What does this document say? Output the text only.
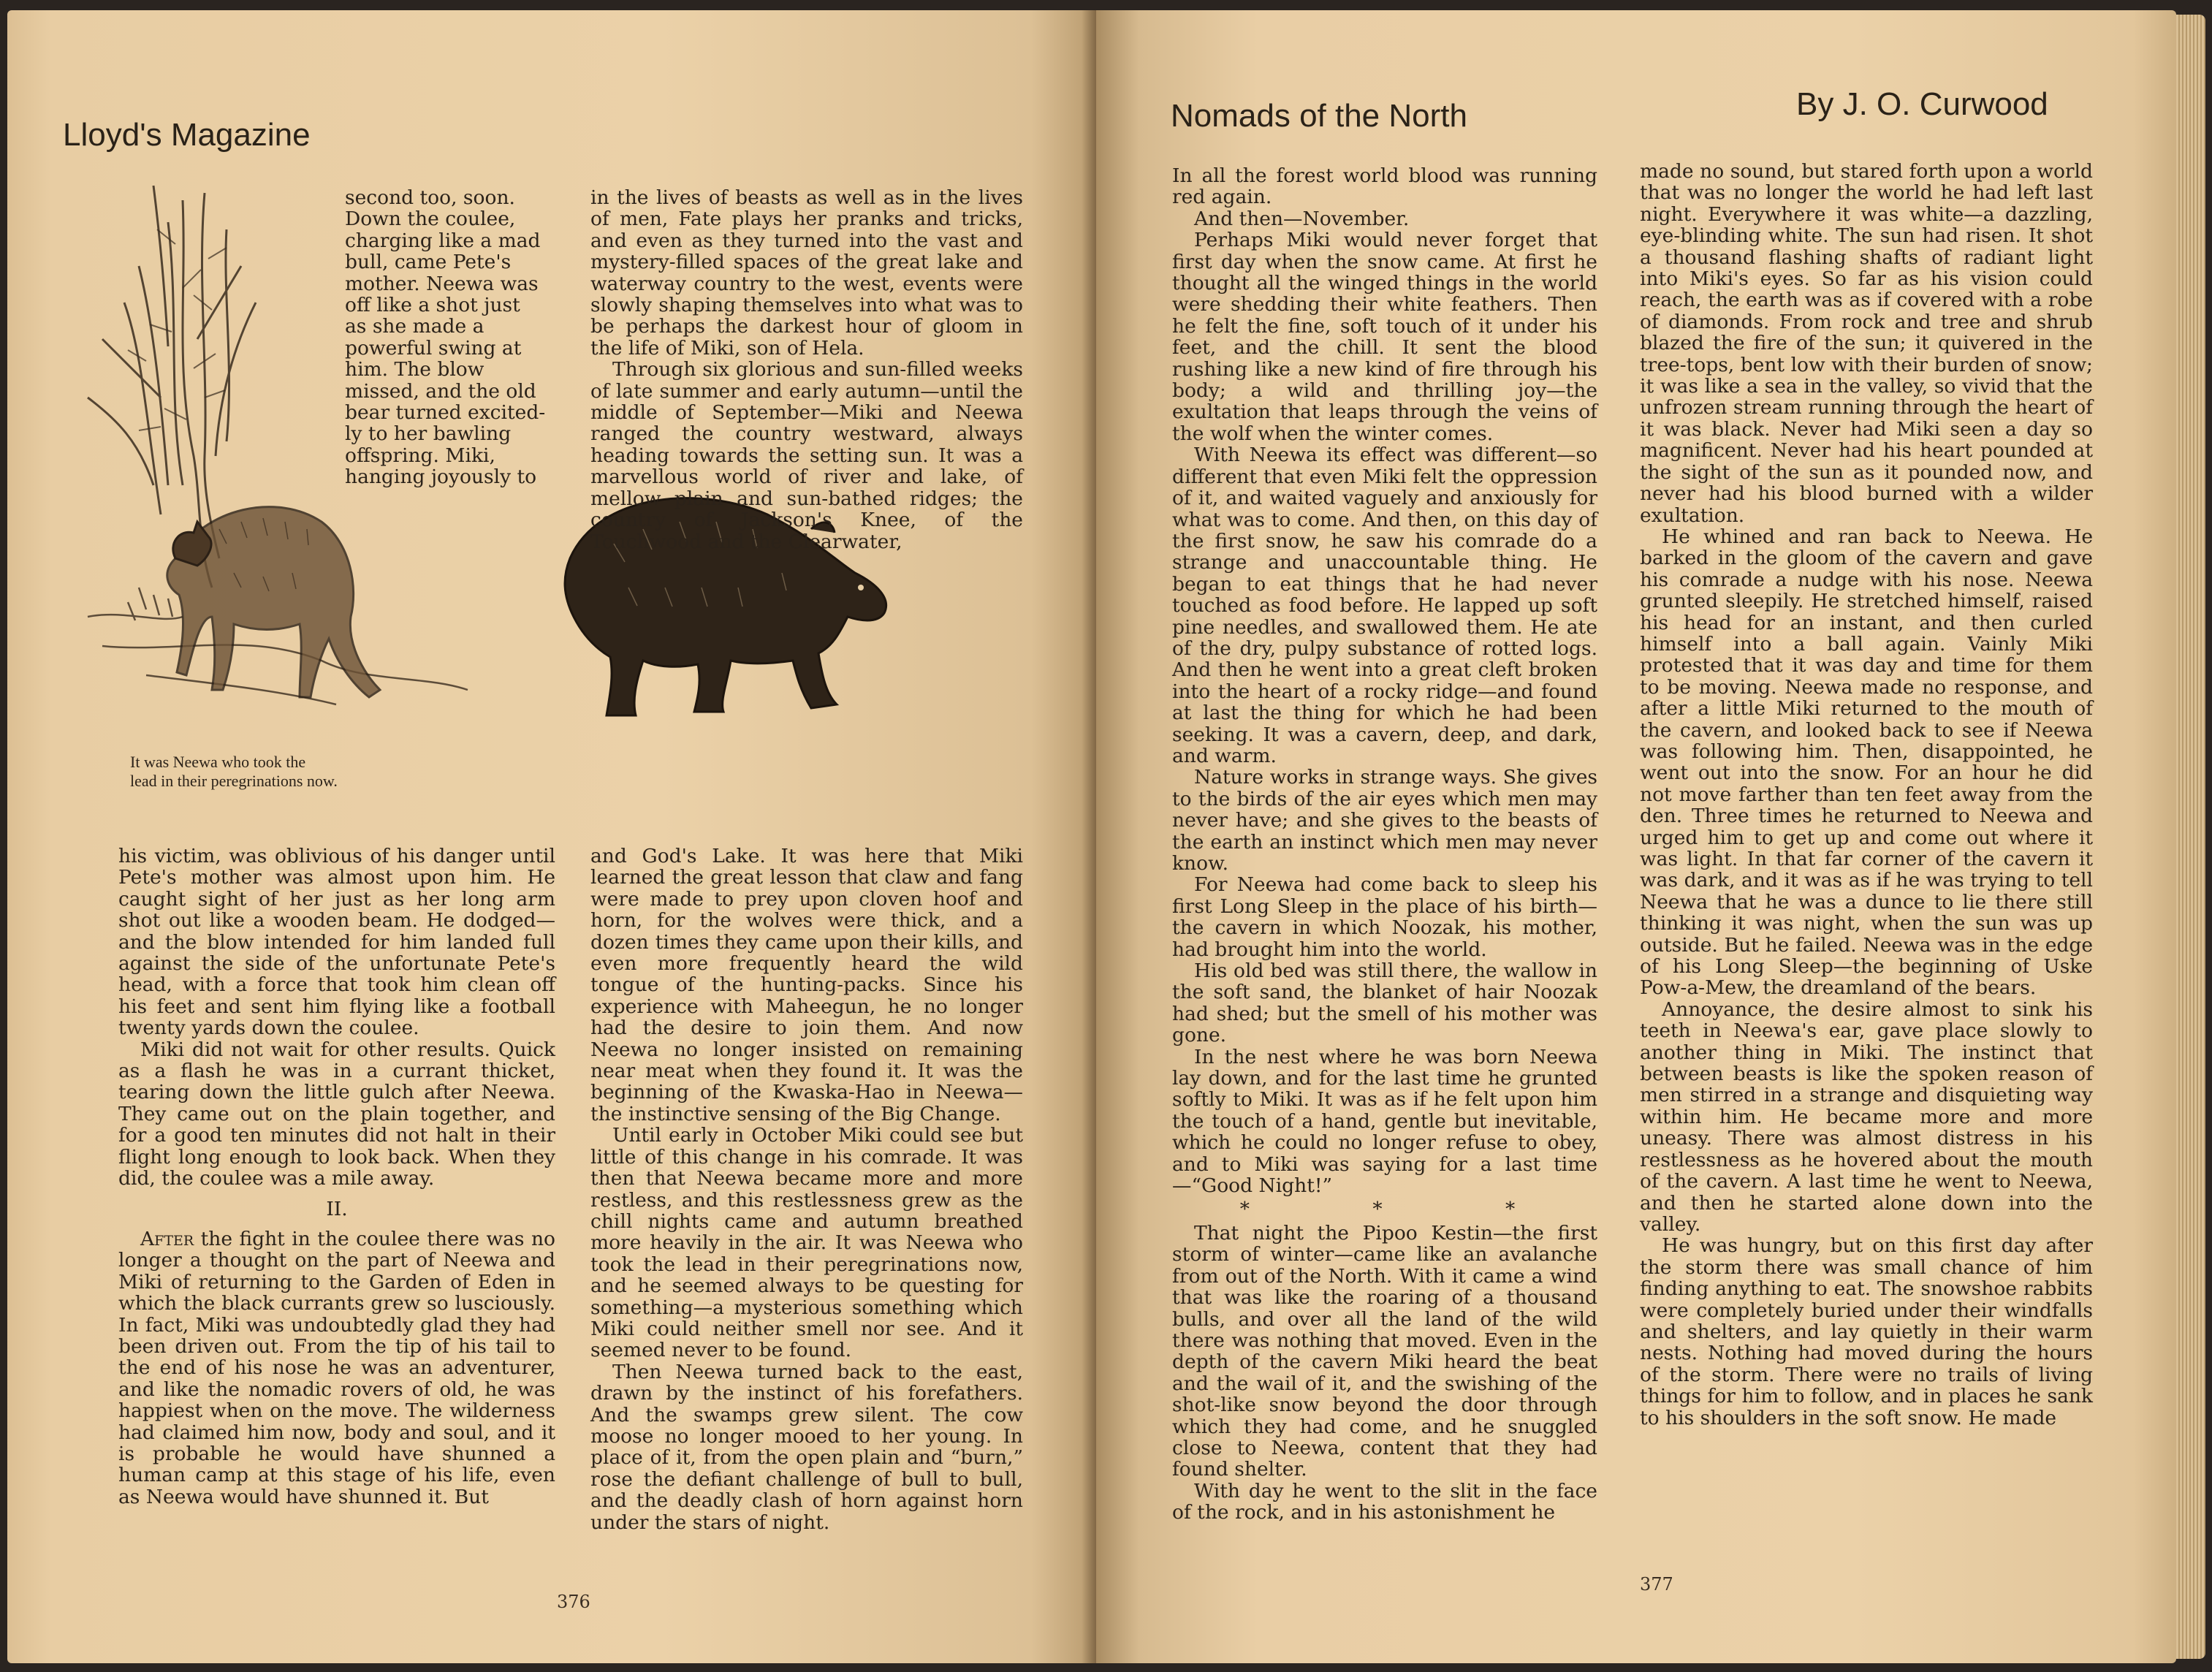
Lloyd's Magazine
It was Neewa who took the
lead in their peregrinations now.
second too, soon.
Down the coulee,
charging like a mad
bull, came Pete's
mother. Neewa was
off like a shot just
as she made a
powerful swing at
him. The blow
missed, and the old
bear turned excited-
ly to her bawling
offspring. Miki,
hanging joyously to

in the lives of beasts as well as in the lives of men, Fate plays her pranks and tricks, and even as they turned into the vast and mystery-filled spaces of the great lake and waterway country to the west, events were slowly shaping themselves into what was to be perhaps the darkest hour of gloom in the life of Miki, son of Hela.

Through six glorious and sun-filled weeks of late summer and early autumn—until the middle of September—Miki and Neewa ranged the country westward, always heading towards the setting sun. It was a marvellous world of river and lake, of mellow plain and sun-bathed ridges; the country of Jackson's Knee, of the Touchwood and the Clearwater,

his victim, was oblivious of his danger until Pete's mother was almost upon him. He caught sight of her just as her long arm shot out like a wooden beam. He dodged—and the blow intended for him landed full against the side of the unfortunate Pete's head, with a force that took him clean off his feet and sent him flying like a football twenty yards down the coulee.

Miki did not wait for other results. Quick as a flash he was in a currant thicket, tearing down the little gulch after Neewa. They came out on the plain together, and for a good ten minutes did not halt in their flight long enough to look back. When they did, the coulee was a mile away.

II.

After the fight in the coulee there was no longer a thought on the part of Neewa and Miki of returning to the Garden of Eden in which the black currants grew so lusciously. In fact, Miki was undoubtedly glad they had been driven out. From the tip of his tail to the end of his nose he was an adventurer, and like the nomadic rovers of old, he was happiest when on the move. The wilderness had claimed him now, body and soul, and it is probable he would have shunned a human camp at this stage of his life, even as Neewa would have shunned it. But

and God's Lake. It was here that Miki learned the great lesson that claw and fang were made to prey upon cloven hoof and horn, for the wolves were thick, and a dozen times they came upon their kills, and even more frequently heard the wild tongue of the hunting-packs. Since his experience with Maheegun, he no longer had the desire to join them. And now Neewa no longer insisted on remaining near meat when they found it. It was the beginning of the Kwaska-Hao in Neewa—the instinctive sensing of the Big Change.

Until early in October Miki could see but little of this change in his comrade. It was then that Neewa became more and more restless, and this restlessness grew as the chill nights came and autumn breathed more heavily in the air. It was Neewa who took the lead in their peregrinations now, and he seemed always to be questing for something—a mysterious something which Miki could neither smell nor see. And it seemed never to be found.

Then Neewa turned back to the east, drawn by the instinct of his forefathers. And the swamps grew silent. The cow moose no longer mooed to her young. In place of it, from the open plain and “burn,” rose the defiant challenge of bull to bull, and the deadly clash of horn against horn under the stars of night.

376
Nomads of the North	By J. O. Curwood

In all the forest world blood was running red again.

And then—November.

Perhaps Miki would never forget that first day when the snow came. At first he thought all the winged things in the world were shedding their white feathers. Then he felt the fine, soft touch of it under his feet, and the chill. It sent the blood rushing like a new kind of fire through his body; a wild and thrilling joy—the exultation that leaps through the veins of the wolf when the winter comes.

With Neewa its effect was different—so different that even Miki felt the oppression of it, and waited vaguely and anxiously for what was to come. And then, on this day of the first snow, he saw his comrade do a strange and unaccountable thing. He began to eat things that he had never touched as food before. He lapped up soft pine needles, and swallowed them. He ate of the dry, pulpy substance of rotted logs. And then he went into a great cleft broken into the heart of a rocky ridge—and found at last the thing for which he had been seeking. It was a cavern, deep, and dark, and warm.

Nature works in strange ways. She gives to the birds of the air eyes which men may never have; and she gives to the beasts of the earth an instinct which men may never know.

For Neewa had come back to sleep his first Long Sleep in the place of his birth—the cavern in which Noozak, his mother, had brought him into the world.

His old bed was still there, the wallow in the soft sand, the blanket of hair Noozak had shed; but the smell of his mother was gone.

In the nest where he was born Neewa lay down, and for the last time he grunted softly to Miki. It was as if he felt upon him the touch of a hand, gentle but inevitable, which he could no longer refuse to obey, and to Miki was saying for a last time—“Good Night!”

* * *

That night the Pipoo Kestin—the first storm of winter—came like an avalanche from out of the North. With it came a wind that was like the roaring of a thousand bulls, and over all the land of the wild there was nothing that moved. Even in the depth of the cavern Miki heard the beat and the wail of it, and the swishing of the shot-like snow beyond the door through which they had come, and he snuggled close to Neewa, content that they had found shelter.

With day he went to the slit in the face of the rock, and in his astonishment he

made no sound, but stared forth upon a world that was no longer the world he had left last night. Everywhere it was white—a dazzling, eye-blinding white. The sun had risen. It shot a thousand flashing shafts of radiant light into Miki's eyes. So far as his vision could reach, the earth was as if covered with a robe of diamonds. From rock and tree and shrub blazed the fire of the sun; it quivered in the tree-tops, bent low with their burden of snow; it was like a sea in the valley, so vivid that the unfrozen stream running through the heart of it was black. Never had Miki seen a day so magnificent. Never had his heart pounded at the sight of the sun as it pounded now, and never had his blood burned with a wilder exultation.

He whined and ran back to Neewa. He barked in the gloom of the cavern and gave his comrade a nudge with his nose. Neewa grunted sleepily. He stretched himself, raised his head for an instant, and then curled himself into a ball again. Vainly Miki protested that it was day and time for them to be moving. Neewa made no response, and after a little Miki returned to the mouth of the cavern, and looked back to see if Neewa was following him. Then, disappointed, he went out into the snow. For an hour he did not move farther than ten feet away from the den. Three times he returned to Neewa and urged him to get up and come out where it was light. In that far corner of the cavern it was dark, and it was as if he was trying to tell Neewa that he was a dunce to lie there still thinking it was night, when the sun was up outside. But he failed. Neewa was in the edge of his Long Sleep—the beginning of Uske Pow-a-Mew, the dreamland of the bears.

Annoyance, the desire almost to sink his teeth in Neewa's ear, gave place slowly to another thing in Miki. The instinct that between beasts is like the spoken reason of men stirred in a strange and disquieting way within him. He became more and more uneasy. There was almost distress in his restlessness as he hovered about the mouth of the cavern. A last time he went to Neewa, and then he started alone down into the valley.

He was hungry, but on this first day after the storm there was small chance of him finding anything to eat. The snowshoe rabbits were completely buried under their windfalls and shelters, and lay quietly in their warm nests. Nothing had moved during the hours of the storm. There were no trails of living things for him to follow, and in places he sank to his shoulders in the soft snow. He made

377
